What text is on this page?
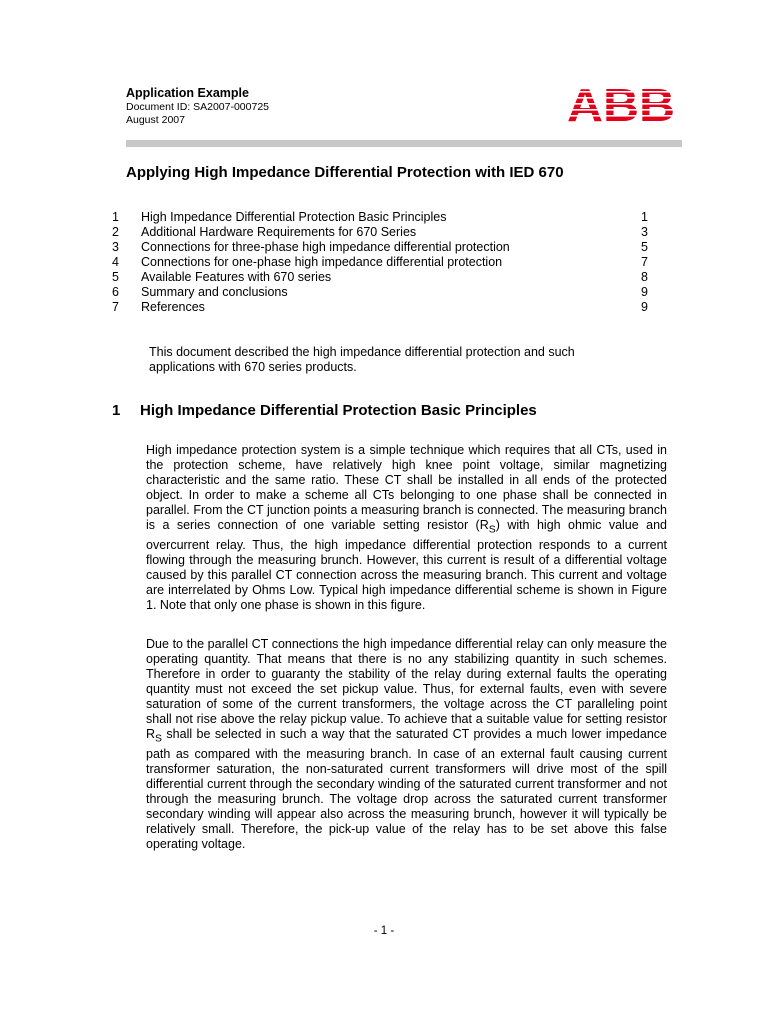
Application Example
Document ID: SA2007-000725
August 2007
Applying High Impedance Differential Protection with IED 670
1 High Impedance Differential Protection Basic Principles	1
2 Additional Hardware Requirements for 670 Series	3
3 Connections for three-phase high impedance differential protection	5
4 Connections for one-phase high impedance differential protection	7
5 Available Features with 670 series	8
6 Summary and conclusions	9
7 References	9
This document described the high impedance differential protection and such applications with 670 series products.
1 High Impedance Differential Protection Basic Principles
High impedance protection system is a simple technique which requires that all CTs, used in the protection scheme, have relatively high knee point voltage, similar magnetizing characteristic and the same ratio. These CT shall be installed in all ends of the protected object. In order to make a scheme all CTs belonging to one phase shall be connected in parallel. From the CT junction points a measuring branch is connected. The measuring branch is a series connection of one variable setting resistor $(R_S)$ with high ohmic value and overcurrent relay. Thus, the high impedance differential protection responds to a current flowing through the measuring brunch. However, this current is result of a differential voltage caused by this parallel CT connection across the measuring branch. This current and voltage are interrelated by Ohms Low. Typical high impedance differential scheme is shown in Figure 1. Note that only one phase is shown in this figure.
Due to the parallel CT connections the high impedance differential relay can only measure the operating quantity. That means that there is no any stabilizing quantity in such schemes. Therefore in order to guaranty the stability of the relay during external faults the operating quantity must not exceed the set pickup value. Thus, for external faults, even with severe saturation of some of the current transformers, the voltage across the CT paralleling point shall not rise above the relay pickup value. To achieve that a suitable value for setting resistor $R_S$ shall be selected in such a way that the saturated CT provides a much lower impedance path as compared with the measuring branch. In case of an external fault causing current transformer saturation, the non-saturated current transformers will drive most of the spill differential current through the secondary winding of the saturated current transformer and not through the measuring brunch. The voltage drop across the saturated current transformer secondary winding will appear also across the measuring brunch, however it will typically be relatively small. Therefore, the pick-up value of the relay has to be set above this false operating voltage.
- 1 -
